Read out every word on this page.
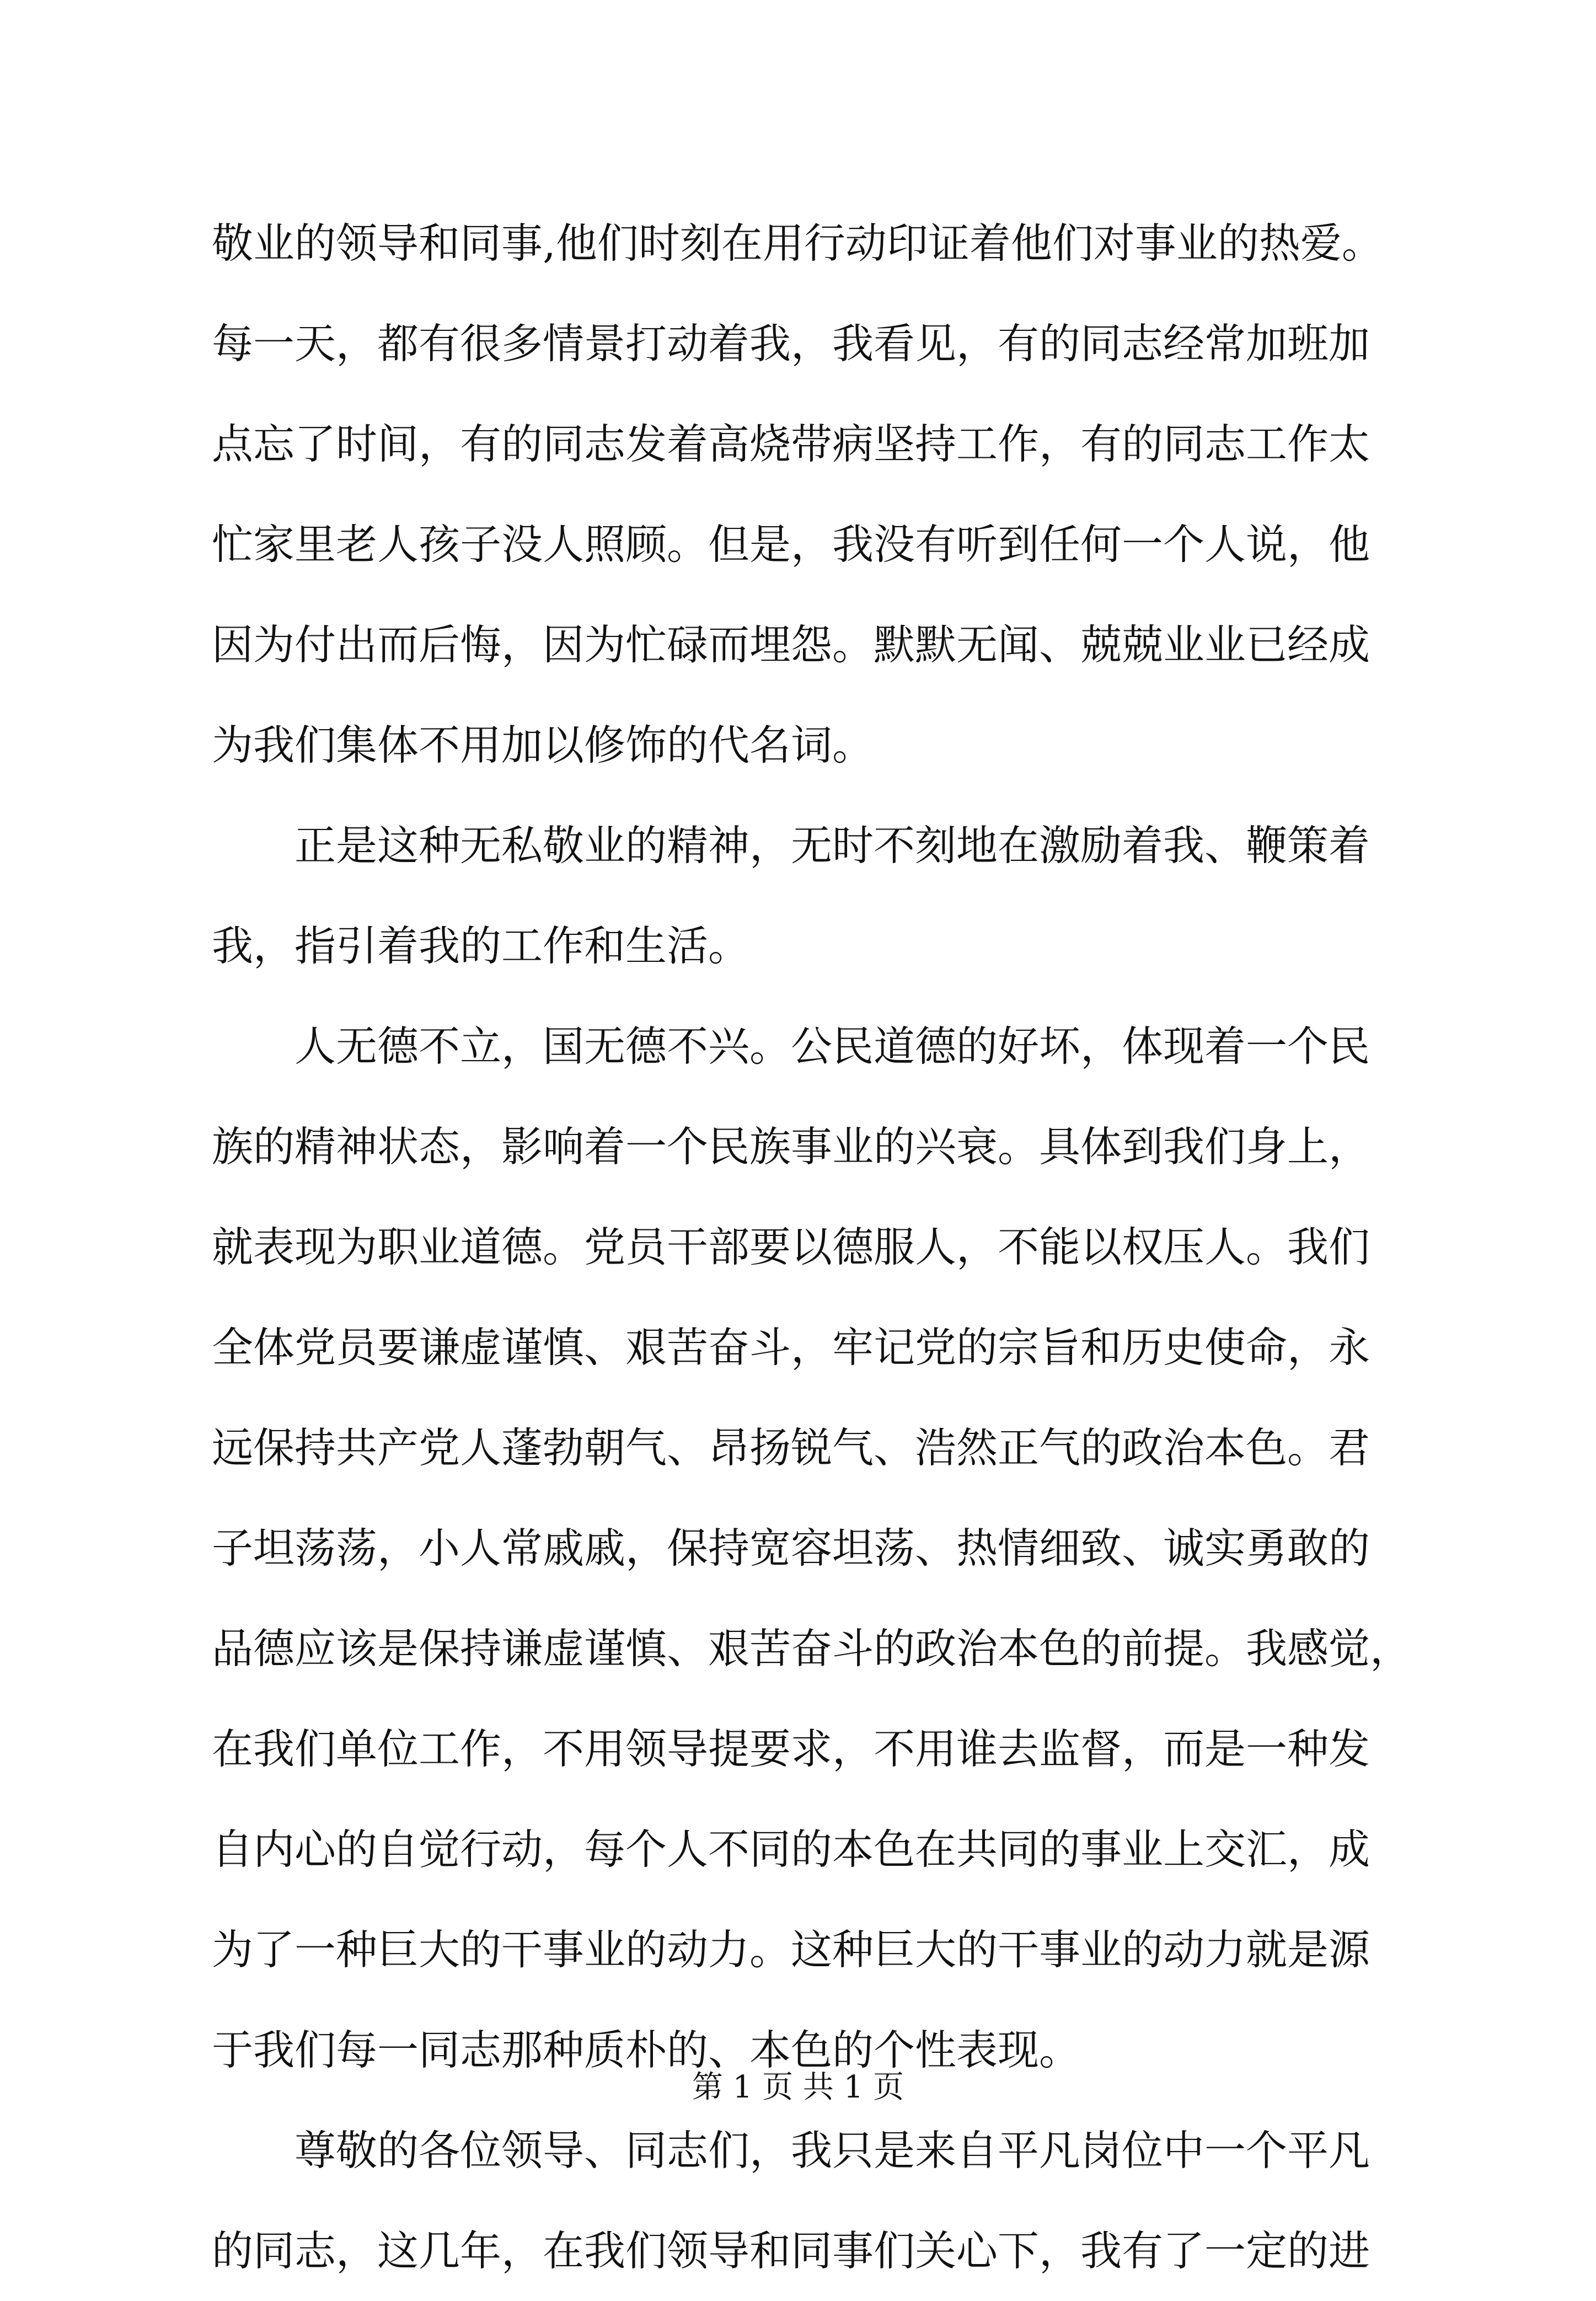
敬业的领导和同事,他们时刻在用行动印证着他们对事业的热爱。
每一天，都有很多情景打动着我，我看见，有的同志经常加班加
点忘了时间，有的同志发着高烧带病坚持工作，有的同志工作太
忙家里老人孩子没人照顾。但是，我没有听到任何一个人说，他
因为付出而后悔，因为忙碌而埋怨。默默无闻、兢兢业业已经成
为我们集体不用加以修饰的代名词。
　　正是这种无私敬业的精神，无时不刻地在激励着我、鞭策着
我，指引着我的工作和生活。
　　人无德不立，国无德不兴。公民道德的好坏，体现着一个民
族的精神状态，影响着一个民族事业的兴衰。具体到我们身上，
就表现为职业道德。党员干部要以德服人，不能以权压人。我们
全体党员要谦虚谨慎、艰苦奋斗，牢记党的宗旨和历史使命，永
远保持共产党人蓬勃朝气、昂扬锐气、浩然正气的政治本色。君
子坦荡荡，小人常戚戚，保持宽容坦荡、热情细致、诚实勇敢的
品德应该是保持谦虚谨慎、艰苦奋斗的政治本色的前提。我感觉，
在我们单位工作，不用领导提要求，不用谁去监督，而是一种发
自内心的自觉行动，每个人不同的本色在共同的事业上交汇，成
为了一种巨大的干事业的动力。这种巨大的干事业的动力就是源
于我们每一同志那种质朴的、本色的个性表现。
　　尊敬的各位领导、同志们，我只是来自平凡岗位中一个平凡
的同志，这几年，在我们领导和同事们关心下，我有了一定的进
第 1 页 共 1 页
